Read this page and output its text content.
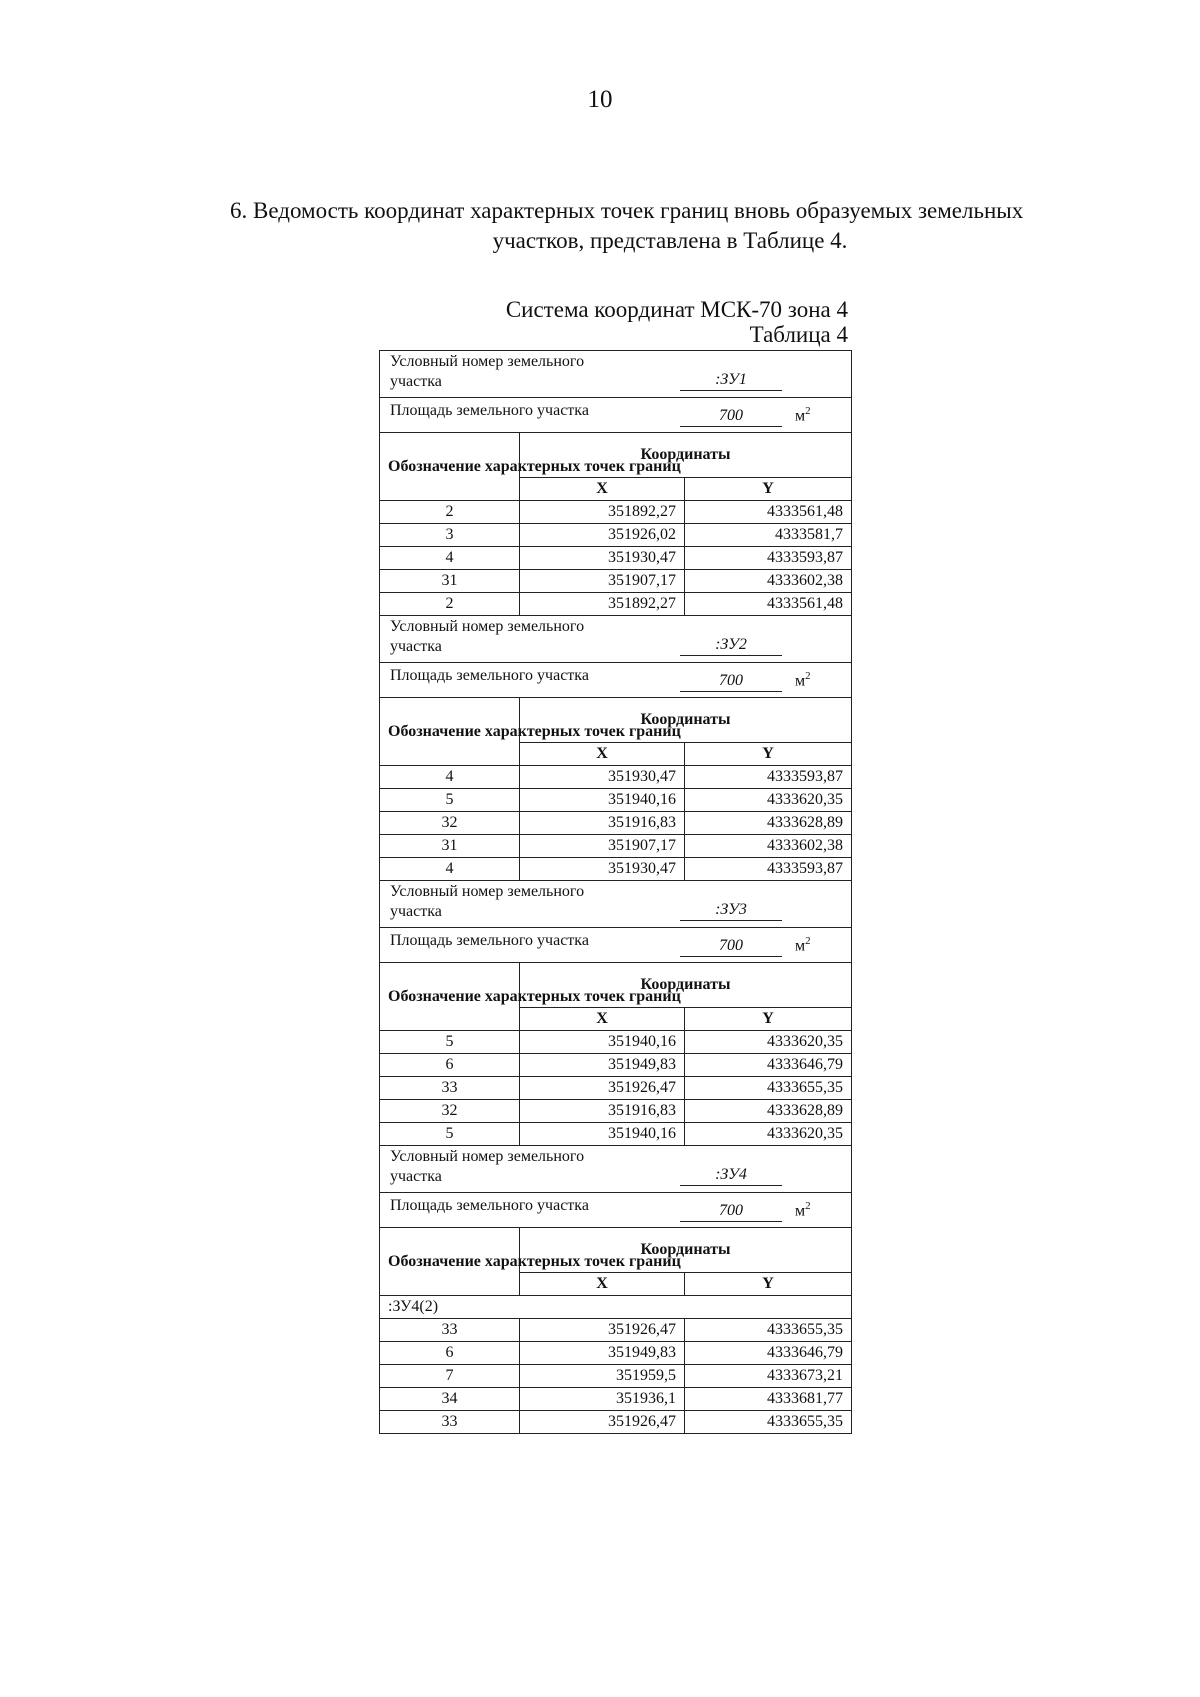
10
6. Ведомость координат характерных точек границ вновь образуемых земельных
участков, представлена в Таблице 4.
Система координат МСК-70 зона 4
Таблица 4
Условный номер земельного участка :ЗУ1		

Площадь земельного участка 700 $м^2$

Обозначение характерных точек границ	Координаты	
	X	Y
2	351892,27	4333561,48
3	351926,02	4333581,7
4	351930,47	4333593,87
31	351907,17	4333602,38
2	351892,27	4333561,48

Условный номер земельного участка :ЗУ2		

Площадь земельного участка 700 $м^2$

Обозначение характерных точек границ	Координаты	
	X	Y
4	351930,47	4333593,87
5	351940,16	4333620,35
32	351916,83	4333628,89
31	351907,17	4333602,38
4	351930,47	4333593,87

Условный номер земельного участка :ЗУ3		

Площадь земельного участка 700 $м^2$

Обозначение характерных точек границ	Координаты	
	X	Y
5	351940,16	4333620,35
6	351949,83	4333646,79
33	351926,47	4333655,35
32	351916,83	4333628,89
5	351940,16	4333620,35

Условный номер земельного участка :ЗУ4		

Площадь земельного участка 700 $м^2$

Обозначение характерных точек границ	Координаты	
	X	Y
:ЗУ4(2)		
33	351926,47	4333655,35
6	351949,83	4333646,79
7	351959,5	4333673,21
34	351936,1	4333681,77
33	351926,47	4333655,35
